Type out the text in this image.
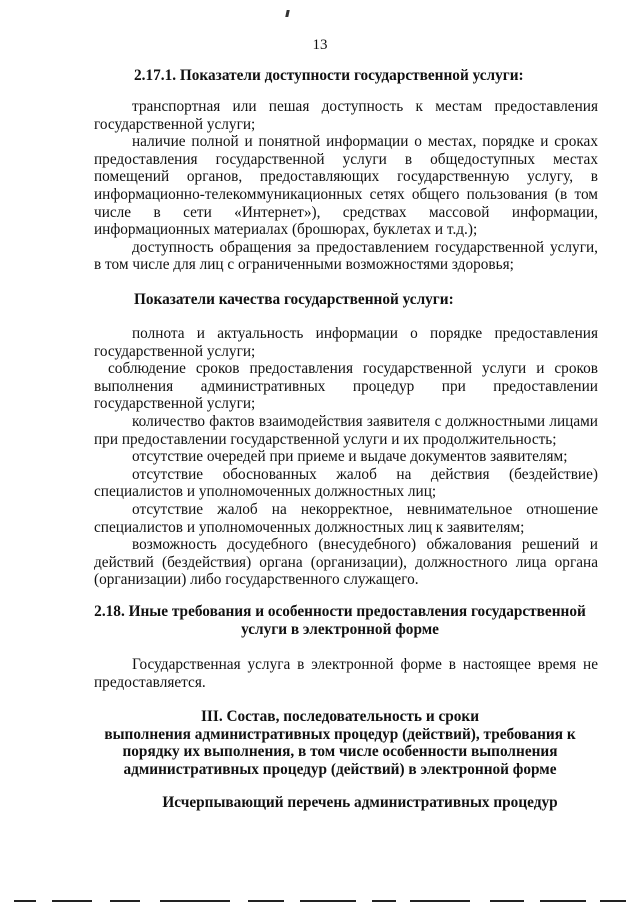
13
2.17.1. Показатели доступности государственной услуги:

транспортная или пешая доступность к местам предоставления государственной услуги;

наличие полной и понятной информации о местах, порядке и сроках предоставления государственной услуги в общедоступных местах помещений органов, предоставляющих государственную услугу, в информационно-телекоммуникационных сетях общего пользования (в том числе в сети «Интернет»), средствах массовой информации, информационных материалах (брошюрах, буклетах и т.д.);

доступность обращения за предоставлением государственной услуги, в том числе для лиц с ограниченными возможностями здоровья;

Показатели качества государственной услуги:

полнота и актуальность информации о порядке предоставления государственной услуги;

соблюдение сроков предоставления государственной услуги и сроков выполнения административных процедур при предоставлении государственной услуги;

количество фактов взаимодействия заявителя с должностными лицами при предоставлении государственной услуги и их продолжительность;

отсутствие очередей при приеме и выдаче документов заявителям;

отсутствие обоснованных жалоб на действия (бездействие) специалистов и уполномоченных должностных лиц;

отсутствие жалоб на некорректное, невнимательное отношение специалистов и уполномоченных должностных лиц к заявителям;

возможность досудебного (внесудебного) обжалования решений и действий (бездействия) органа (организации), должностного лица органа (организации) либо государственного служащего.

2.18. Иные требования и особенности предоставления государственной
услуги в электронной форме

Государственная услуга в электронной форме в настоящее время не предоставляется.

III. Состав, последовательность и сроки
выполнения административных процедур (действий), требования к
порядку их выполнения, в том числе особенности выполнения
административных процедур (действий) в электронной форме
Исчерпывающий перечень административных процедур
